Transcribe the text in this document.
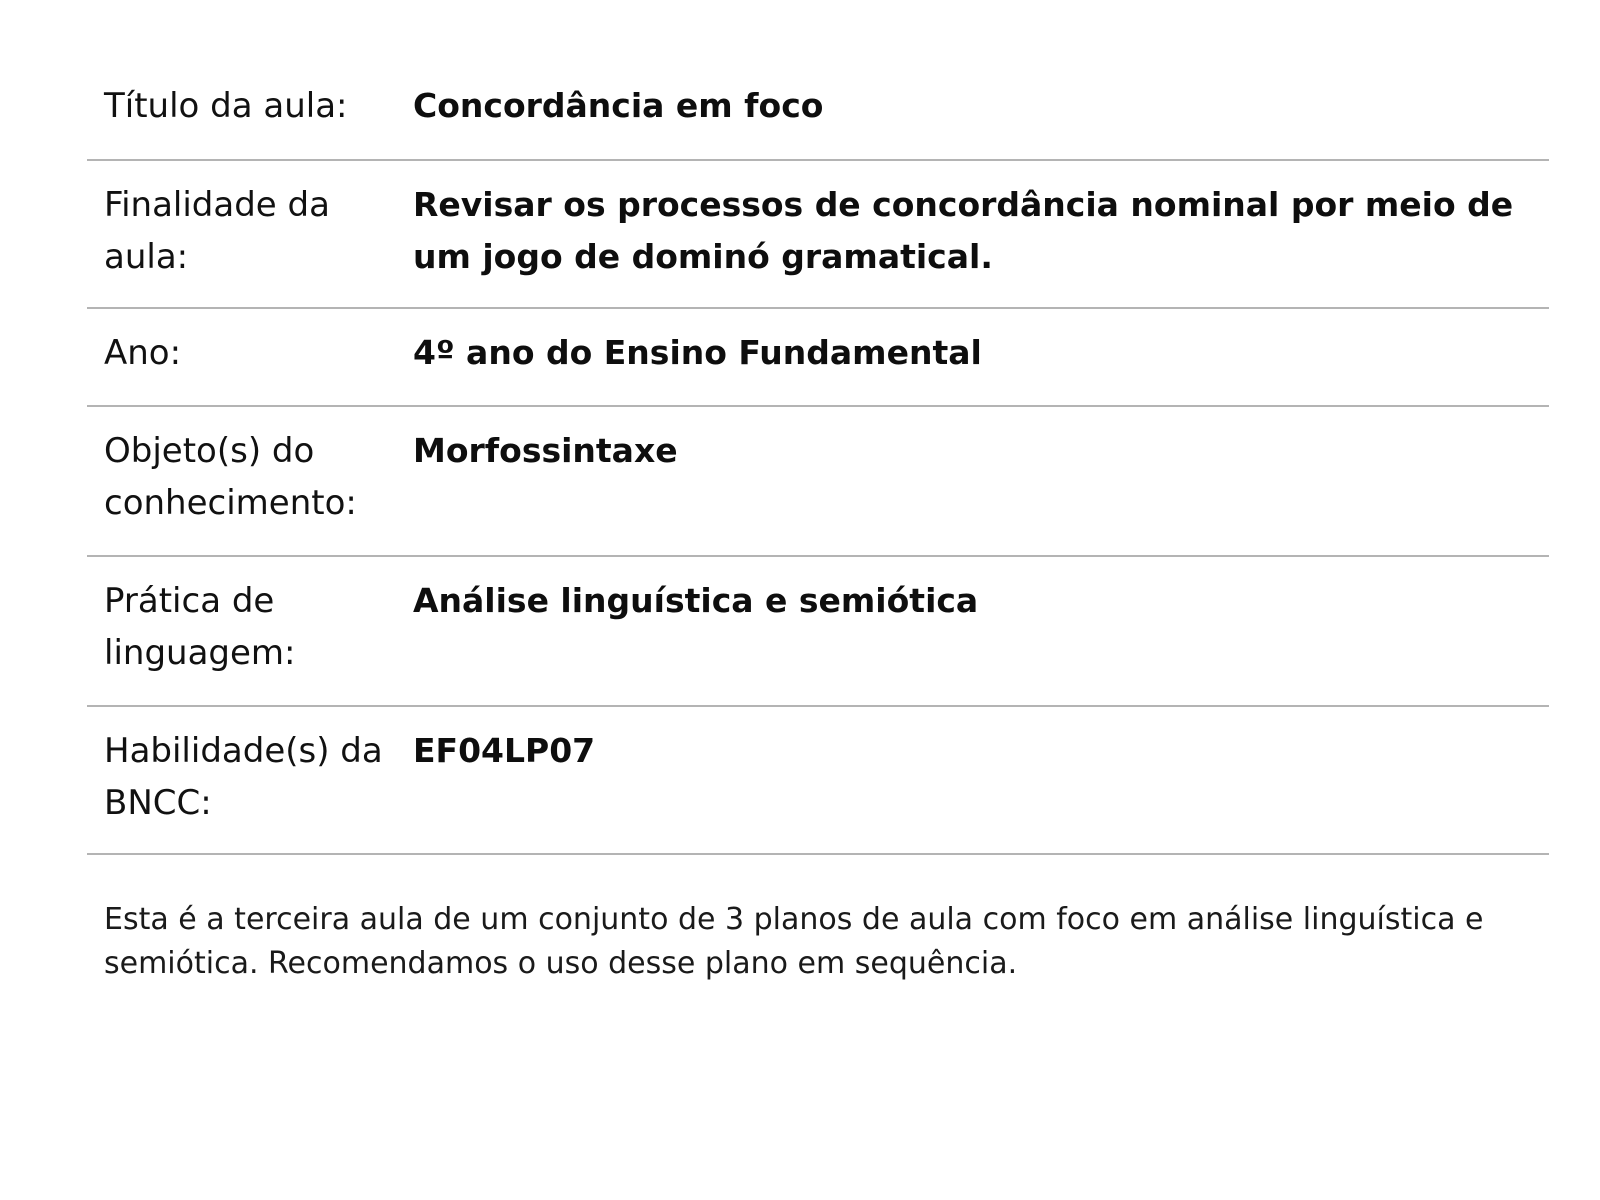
Título da aula:	Concordância em foco
Finalidade da aula:
Revisar os processos de concordância nominal por meio de um jogo de dominó gramatical.
Ano:	4º ano do Ensino Fundamental
Objeto(s) do conhecimento:
Morfossintaxe
Prática de linguagem:
Análise linguística e semiótica
Habilidade(s) da BNCC:
EF04LP07

Esta é a terceira aula de um conjunto de 3 planos de aula com foco em análise linguística e semiótica. Recomendamos o uso desse plano em sequência.
